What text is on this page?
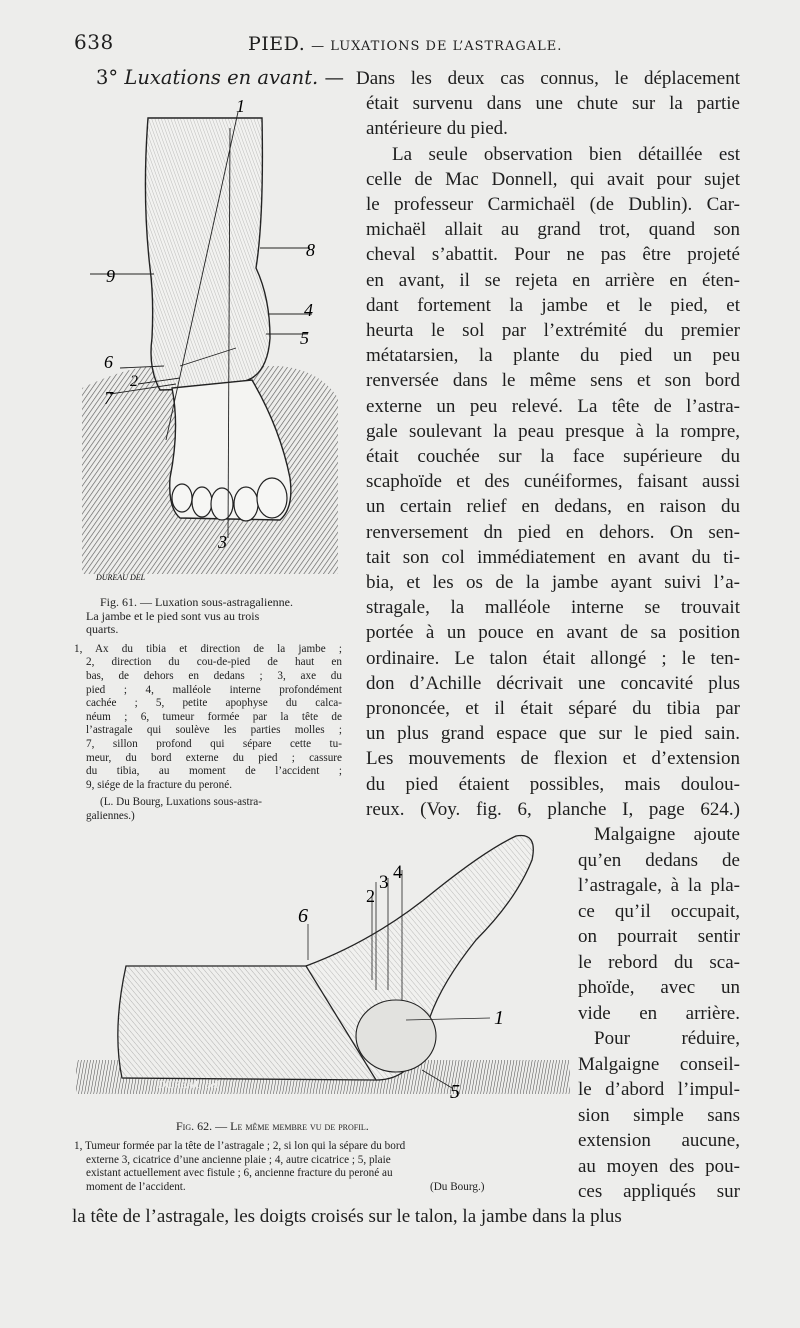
638	PIED. — LUXATIONS DE L’ASTRAGALE.
3° Luxations en avant. — Dans les deux cas connus, le déplacement
était survenu dans une chute sur la partie
antérieure du pied.
La seule observation bien détaillée est
celle de Mac Donnell, qui avait pour sujet
le professeur Carmichaël (de Dublin). Car-
michaël allait au grand trot, quand son
cheval s’abattit. Pour ne pas être projeté
en avant, il se rejeta en arrière en éten-
dant fortement la jambe et le pied, et
heurta le sol par l’extrémité du premier
métatarsien, la plante du pied un peu
renversée dans le même sens et son bord
externe un peu relevé. La tête de l’astra-
gale soulevant la peau presque à la rompre,
était couchée sur la face supérieure du
scaphoïde et des cunéiformes, faisant aussi
un certain relief en dedans, en raison du
renversement dn pied en dehors. On sen-
tait son col immédiatement en avant du ti-
bia, et les os de la jambe ayant suivi l’a-
stragale, la malléole interne se trouvait
portée à un pouce en avant de sa position
ordinaire. Le talon était allongé ; le ten-
don d’Achille décrivait une concavité plus
prononcée, et il était séparé du tibia par
un plus grand espace que sur le pied sain.
Les mouvements de flexion et d’extension
du pied étaient possibles, mais doulou-
reux. (Voy. fig. 6, planche I, page 624.)
Malgaigne ajoute
qu’en dedans de
l’astragale, à la pla-
ce qu’il occupait,
on pourrait sentir
le rebord du sca-
phoïde, avec un
vide en arrière.
Pour réduire,
Malgaigne conseil-
le d’abord l’impul-
sion simple sans
extension aucune,
au moyen des pou-
ces appliqués sur
la tête de l’astragale, les doigts croisés sur le talon, la jambe dans la plus
1
2
3
4
5
6
7
8
9
DUREAU DEL
Fig. 61. — Luxation sous-astragalienne.
La jambe et le pied sont vus au trois
quarts.
1, Ax du tibia et direction de la jambe ;
2, direction du cou-de-pied de haut en
bas, de dehors en dedans ; 3, axe du
pied ; 4, malléole interne profondément
cachée ; 5, petite apophyse du calca-
néum ; 6, tumeur formée par la tête de
l’astragale qui soulève les parties molles ;
7, sillon profond qui sépare cette tu-
meur, du bord externe du pied ; cassure
du tibia, au moment de l’accident ;
9, siége de la fracture du peroné.
(L. Du Bourg, Luxations sous-astra-
galiennes.)
1
2
3 4
5
6
DUREAU del
Fig. 62. — Le même membre vu de profil.
1, Tumeur formée par la tête de l’astragale ; 2, si lon qui la sépare du bord
externe 3, cicatrice d’une ancienne plaie ; 4, autre cicatrice ; 5, plaie
existant actuellement avec fistule ; 6, ancienne fracture du peroné au
moment de l’accident.	(Du Bourg.)
